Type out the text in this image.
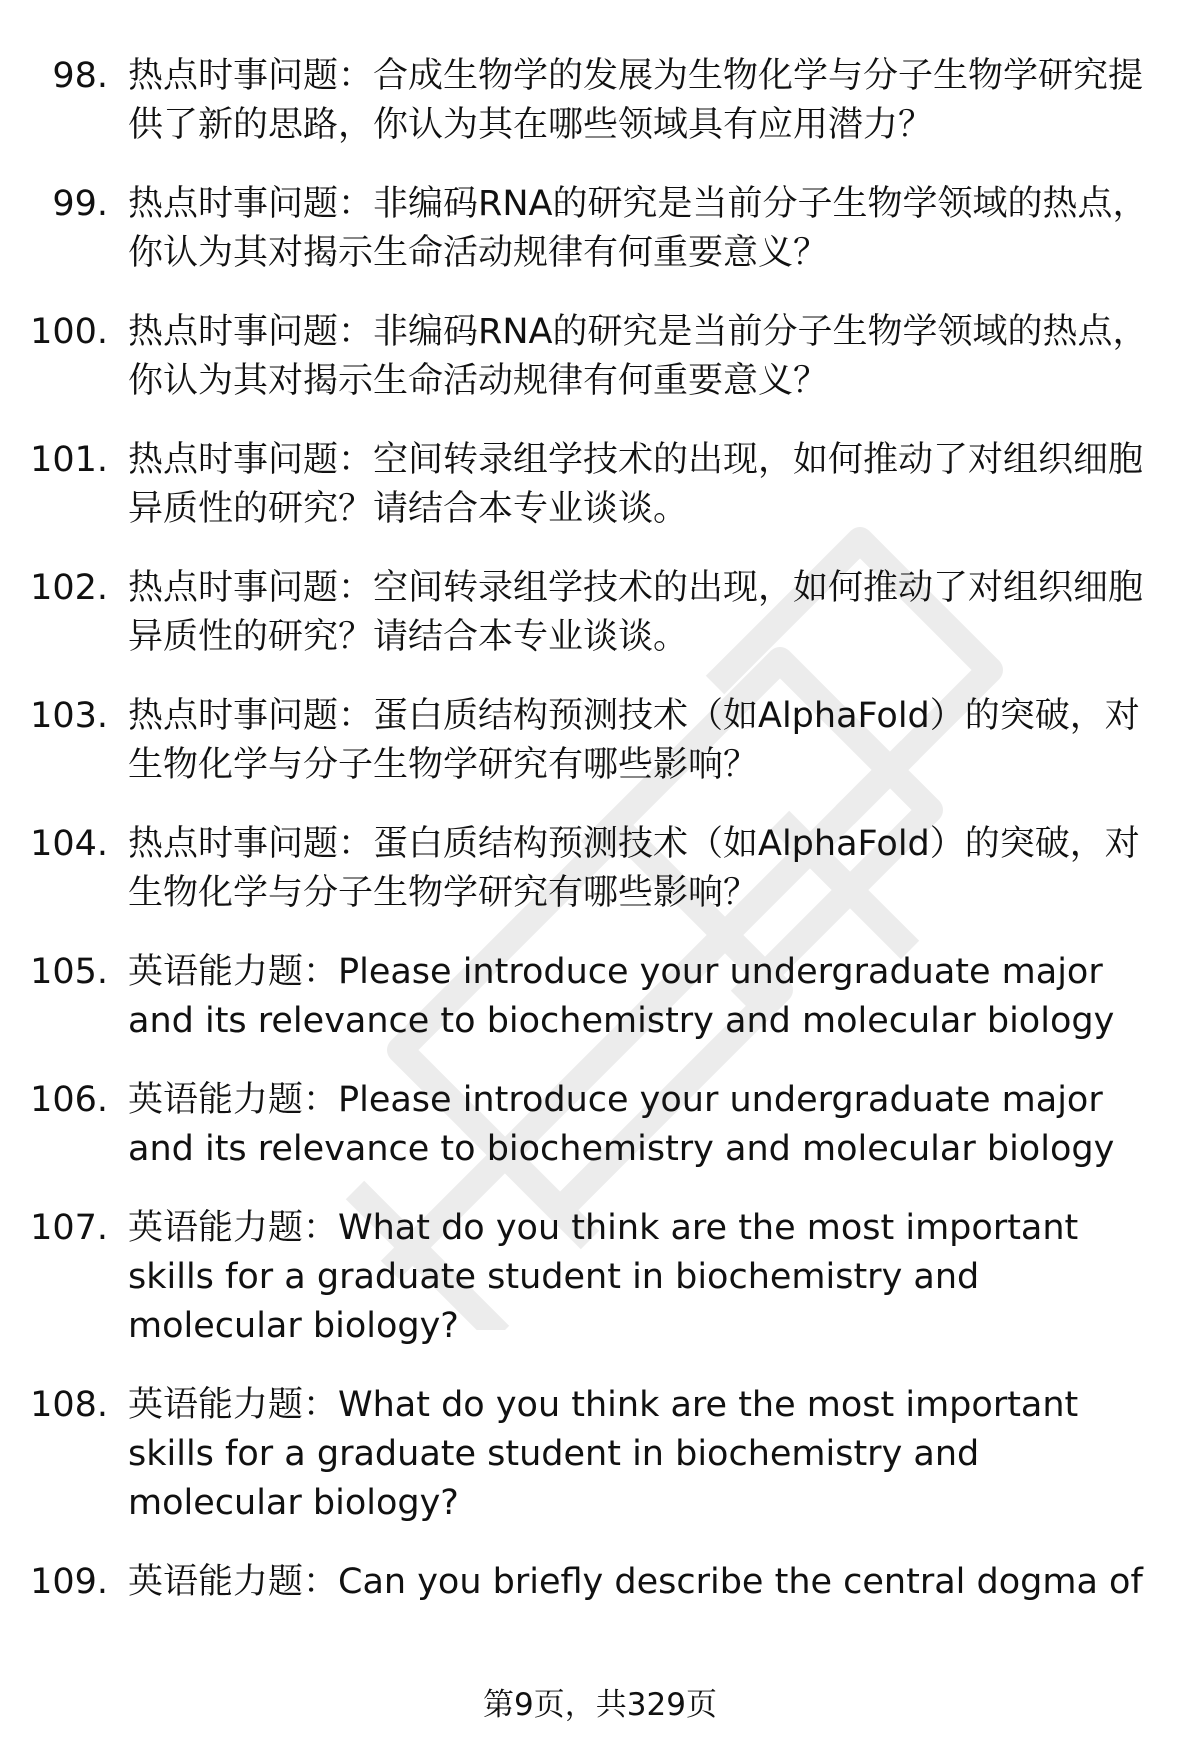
98. 热点时事问题：合成生物学的发展为生物化学与分子生物学研究提供了新的思路，你认为其在哪些领域具有应用潜力？
99. 热点时事问题：非编码RNA的研究是当前分子生物学领域的热点，你认为其对揭示生命活动规律有何重要意义？
100. 热点时事问题：非编码RNA的研究是当前分子生物学领域的热点，你认为其对揭示生命活动规律有何重要意义？
101. 热点时事问题：空间转录组学技术的出现，如何推动了对组织细胞异质性的研究？请结合本专业谈谈。
102. 热点时事问题：空间转录组学技术的出现，如何推动了对组织细胞异质性的研究？请结合本专业谈谈。
103. 热点时事问题：蛋白质结构预测技术（如AlphaFold）的突破，对生物化学与分子生物学研究有哪些影响？
104. 热点时事问题：蛋白质结构预测技术（如AlphaFold）的突破，对生物化学与分子生物学研究有哪些影响？
105. 英语能力题：Please introduce your undergraduate major and its relevance to biochemistry and molecular biology
106. 英语能力题：Please introduce your undergraduate major and its relevance to biochemistry and molecular biology
107. 英语能力题：What do you think are the most important skills for a graduate student in biochemistry and molecular biology?
108. 英语能力题：What do you think are the most important skills for a graduate student in biochemistry and molecular biology?
109. 英语能力题：Can you briefly describe the central dogma of
第9页，共329页
